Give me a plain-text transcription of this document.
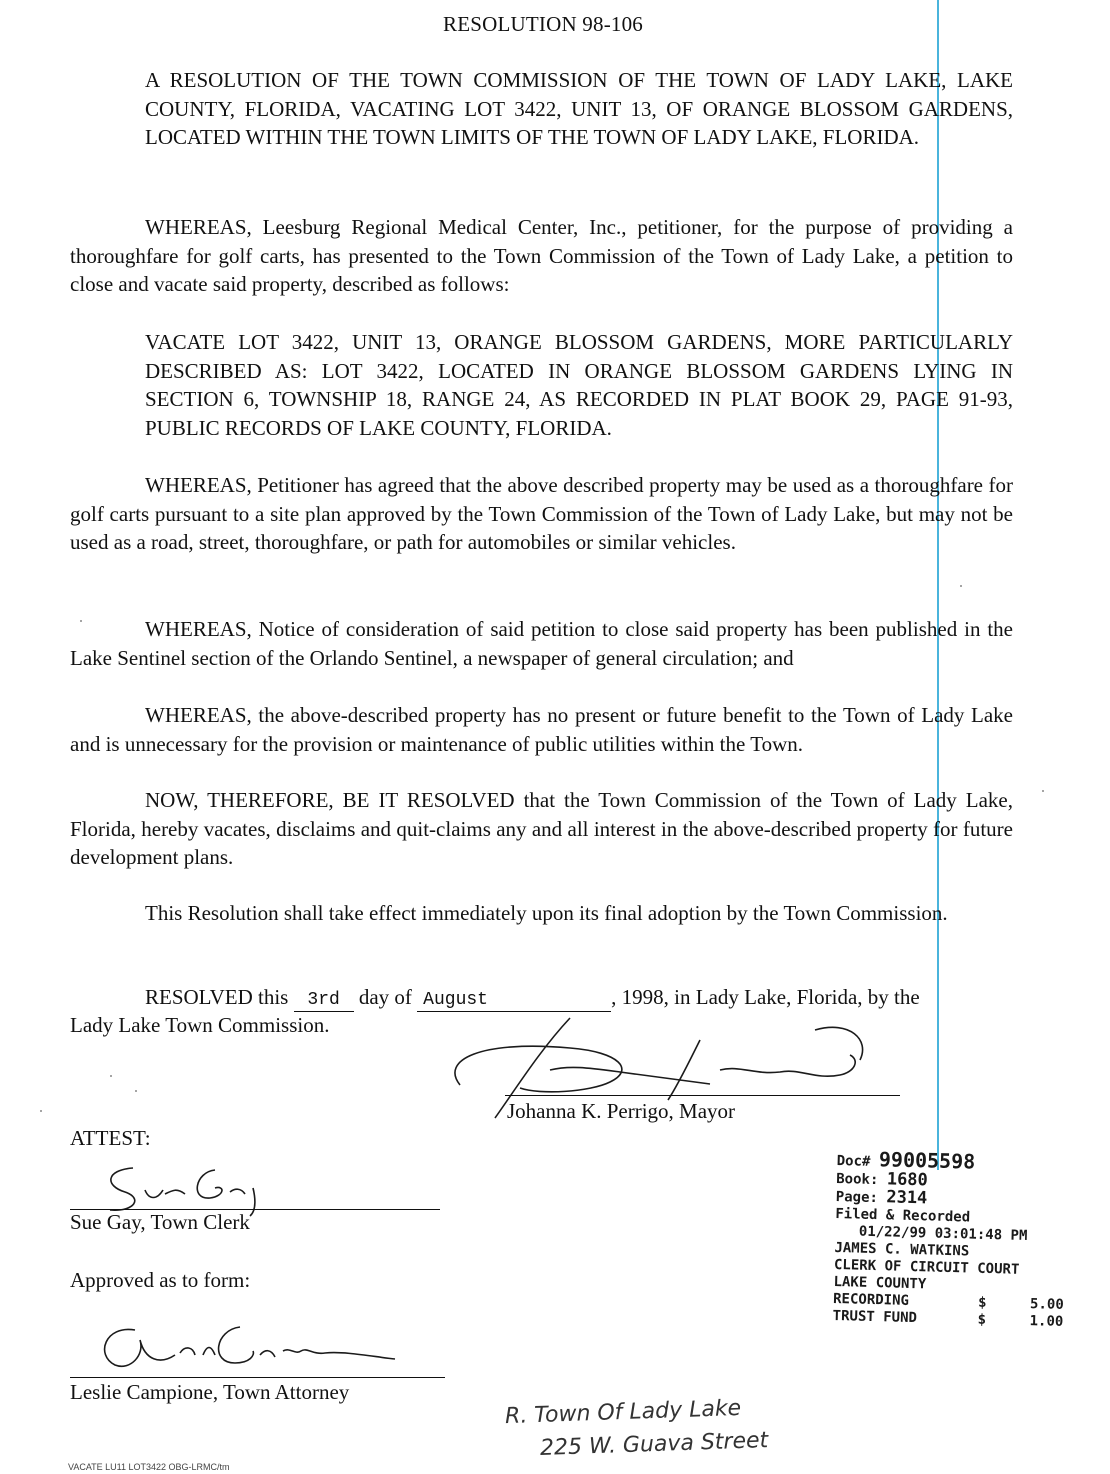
RESOLUTION 98-106
A RESOLUTION OF THE TOWN COMMISSION OF THE TOWN OF LADY LAKE, LAKE COUNTY, FLORIDA, VACATING LOT 3422, UNIT 13, OF ORANGE BLOSSOM GARDENS, LOCATED WITHIN THE TOWN LIMITS OF THE TOWN OF LADY LAKE, FLORIDA.
WHEREAS, Leesburg Regional Medical Center, Inc., petitioner, for the purpose of providing a thoroughfare for golf carts, has presented to the Town Commission of the Town of Lady Lake, a petition to close and vacate said property, described as follows:
VACATE LOT 3422, UNIT 13, ORANGE BLOSSOM GARDENS, MORE PARTICULARLY DESCRIBED AS: LOT 3422, LOCATED IN ORANGE BLOSSOM GARDENS LYING IN SECTION 6, TOWNSHIP 18, RANGE 24, AS RECORDED IN PLAT BOOK 29, PAGE 91-93, PUBLIC RECORDS OF LAKE COUNTY, FLORIDA.
WHEREAS, Petitioner has agreed that the above described property may be used as a thoroughfare for golf carts pursuant to a site plan approved by the Town Commission of the Town of Lady Lake, but may not be used as a road, street, thoroughfare, or path for automobiles or similar vehicles.
WHEREAS, Notice of consideration of said petition to close said property has been published in the Lake Sentinel section of the Orlando Sentinel, a newspaper of general circulation; and
WHEREAS, the above-described property has no present or future benefit to the Town of Lady Lake and is unnecessary for the provision or maintenance of public utilities within the Town.
NOW, THEREFORE, BE IT RESOLVED that the Town Commission of the Town of Lady Lake, Florida, hereby vacates, disclaims and quit-claims any and all interest in the above-described property for future development plans.
This Resolution shall take effect immediately upon its final adoption by the Town Commission.
RESOLVED this 3rd day of August	, 1998, in Lady Lake, Florida, by the
Lady Lake Town Commission.
Johanna K. Perrigo, Mayor
ATTEST:
Sue Gay, Town Clerk
Approved as to form:
Leslie Campione, Town Attorney
Doc# 99005598
Book: 1680
Page: 2314
Filed & Recorded
01/22/99 03:01:48 PM
JAMES C. WATKINS
CLERK OF CIRCUIT COURT
LAKE COUNTY
RECORDING	$	5.00
TRUST FUND	$	1.00
R. Town Of Lady Lake
225 W. Guava Street
VACATE LU11 LOT3422 OBG-LRMC/tm
